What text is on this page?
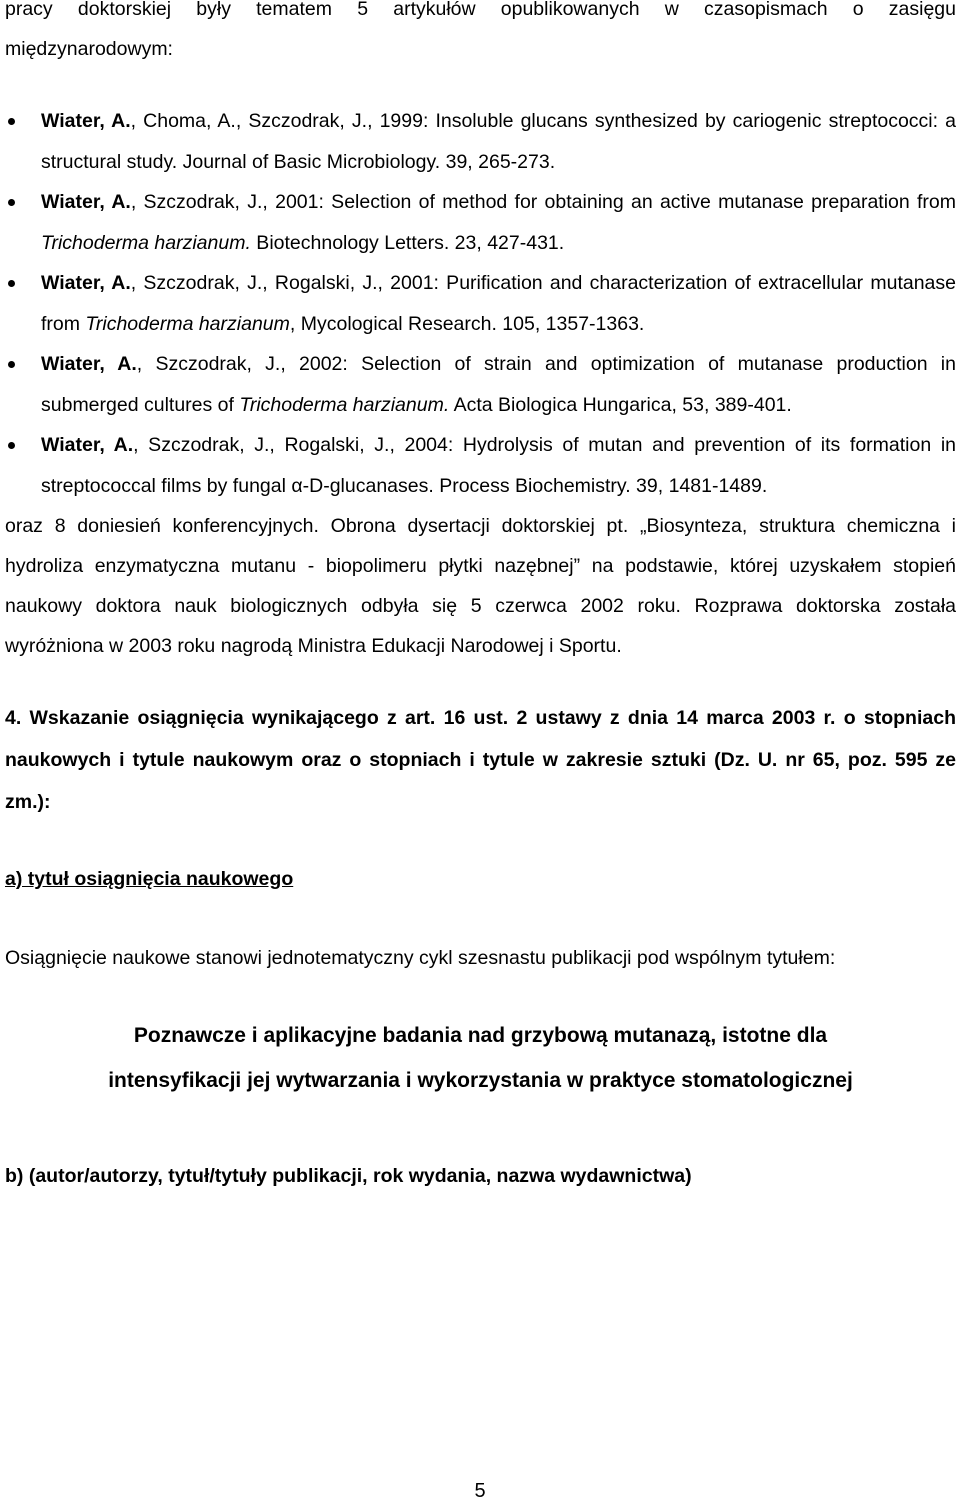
pracy doktorskiej były tematem 5 artykułów opublikowanych w czasopismach o zasięgu

międzynarodowym:

Wiater, A., Choma, A., Szczodrak, J., 1999: Insoluble glucans synthesized by cariogenic streptococci: a structural study. Journal of Basic Microbiology. 39, 265-273.
Wiater, A., Szczodrak, J., 2001: Selection of method for obtaining an active mutanase preparation from Trichoderma harzianum. Biotechnology Letters. 23, 427-431.
Wiater, A., Szczodrak, J., Rogalski, J., 2001: Purification and characterization of extracellular mutanase from Trichoderma harzianum, Mycological Research. 105, 1357-1363.
Wiater, A., Szczodrak, J., 2002: Selection of strain and optimization of mutanase production in submerged cultures of Trichoderma harzianum. Acta Biologica Hungarica, 53, 389-401.
Wiater, A., Szczodrak, J., Rogalski, J., 2004: Hydrolysis of mutan and prevention of its formation in streptococcal films by fungal α-D-glucanases. Process Biochemistry. 39, 1481-1489.

oraz 8 doniesień konferencyjnych. Obrona dysertacji doktorskiej pt. „Biosynteza, struktura chemiczna i hydroliza enzymatyczna mutanu - biopolimeru płytki nazębnej” na podstawie, której uzyskałem stopień naukowy doktora nauk biologicznych odbyła się 5 czerwca 2002 roku. Rozprawa doktorska została wyróżniona w 2003 roku nagrodą Ministra Edukacji Narodowej i Sportu.

4. Wskazanie osiągnięcia wynikającego z art. 16 ust. 2 ustawy z dnia 14 marca 2003 r. o stopniach naukowych i tytule naukowym oraz o stopniach i tytule w zakresie sztuki (Dz. U. nr 65, poz. 595 ze zm.):

a) tytuł osiągnięcia naukowego

Osiągnięcie naukowe stanowi jednotematyczny cykl szesnastu publikacji pod wspólnym tytułem:

Poznawcze i aplikacyjne badania nad grzybową mutanazą, istotne dla
intensyfikacji jej wytwarzania i wykorzystania w praktyce stomatologicznej

b) (autor/autorzy, tytuł/tytuły publikacji, rok wydania, nazwa wydawnictwa)

5
